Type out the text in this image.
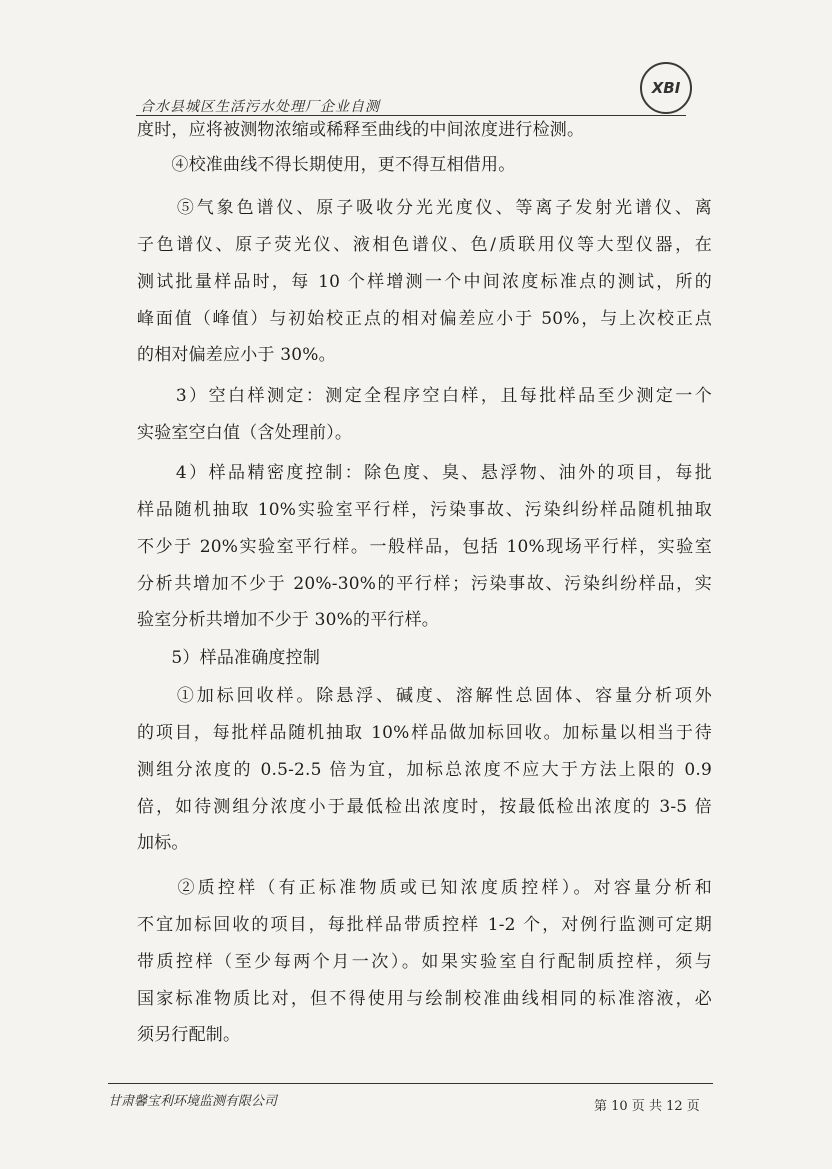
合水县城区生活污水处理厂企业自测
XBI
度时，应将被测物浓缩或稀释至曲线的中间浓度进行检测。
　　④校准曲线不得长期使用，更不得互相借用。
　　⑤气象色谱仪、原子吸收分光光度仪、等离子发射光谱仪、离
子色谱仪、原子荧光仪、液相色谱仪、色/质联用仪等大型仪器，在
测试批量样品时，每 10 个样增测一个中间浓度标准点的测试，所的
峰面值（峰值）与初始校正点的相对偏差应小于 50%，与上次校正点
的相对偏差应小于 30%。
　　3）空白样测定：测定全程序空白样，且每批样品至少测定一个
实验室空白值（含处理前）。
　　4）样品精密度控制：除色度、臭、悬浮物、油外的项目，每批
样品随机抽取 10%实验室平行样，污染事故、污染纠纷样品随机抽取
不少于 20%实验室平行样。一般样品，包括 10%现场平行样，实验室
分析共增加不少于 20%-30%的平行样；污染事故、污染纠纷样品，实
验室分析共增加不少于 30%的平行样。
　　5）样品准确度控制
　　①加标回收样。除悬浮、碱度、溶解性总固体、容量分析项外
的项目，每批样品随机抽取 10%样品做加标回收。加标量以相当于待
测组分浓度的 0.5-2.5 倍为宜，加标总浓度不应大于方法上限的 0.9
倍，如待测组分浓度小于最低检出浓度时，按最低检出浓度的 3-5 倍
加标。
　　②质控样（有正标准物质或已知浓度质控样）。对容量分析和
不宜加标回收的项目，每批样品带质控样 1-2 个，对例行监测可定期
带质控样（至少每两个月一次）。如果实验室自行配制质控样，须与
国家标准物质比对，但不得使用与绘制校准曲线相同的标准溶液，必
须另行配制。
甘肃馨宝利环境监测有限公司	第 10 页 共 12 页
